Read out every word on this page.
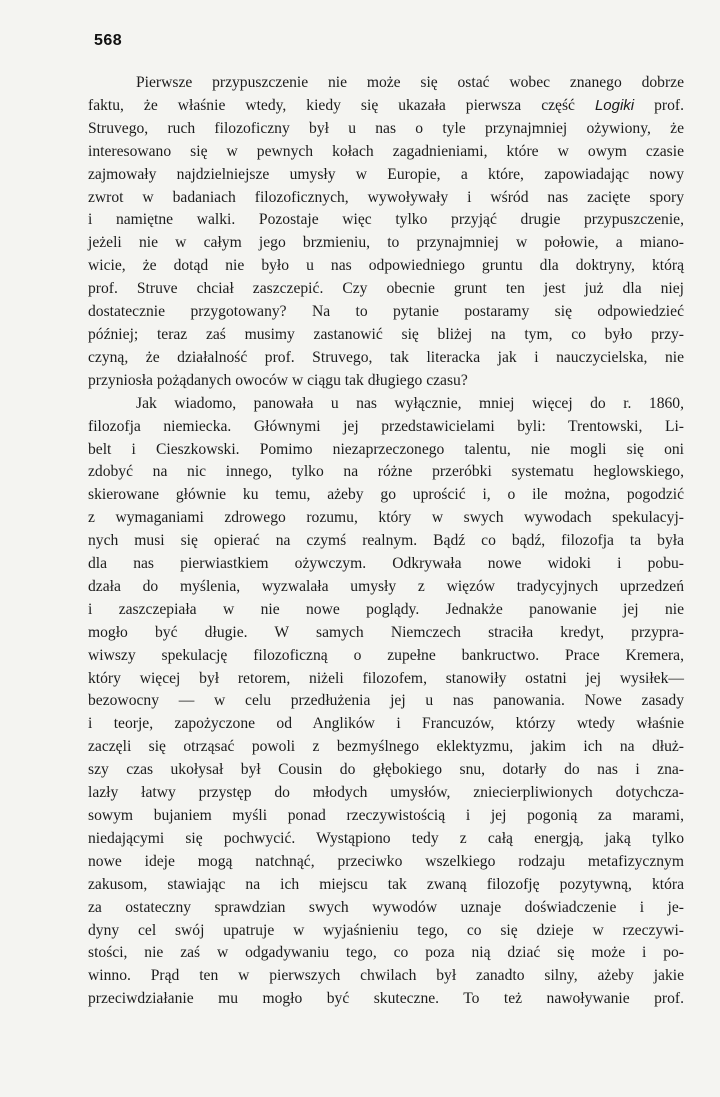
568

Pierwsze przypuszczenie nie może się ostać wobec znanego dobrze
faktu, że właśnie wtedy, kiedy się ukazała pierwsza część Logiki prof.
Struvego, ruch filozoficzny był u nas o tyle przynajmniej ożywiony, że
interesowano się w pewnych kołach zagadnieniami, które w owym czasie
zajmowały najdzielniejsze umysły w Europie, a które, zapowiadając nowy
zwrot w badaniach filozoficznych, wywoływały i wśród nas zacięte spory
i namiętne walki. Pozostaje więc tylko przyjąć drugie przypuszczenie,
jeżeli nie w całym jego brzmieniu, to przynajmniej w połowie, a miano-
wicie, że dotąd nie było u nas odpowiedniego gruntu dla doktryny, którą
prof. Struve chciał zaszczepić. Czy obecnie grunt ten jest już dla niej
dostatecznie przygotowany? Na to pytanie postaramy się odpowiedzieć
później; teraz zaś musimy zastanowić się bliżej na tym, co było przy-
czyną, że działalność prof. Struvego, tak literacka jak i nauczycielska, nie
przyniosła pożądanych owoców w ciągu tak długiego czasu?

Jak wiadomo, panowała u nas wyłącznie, mniej więcej do r. 1860,
filozofja niemiecka. Głównymi jej przedstawicielami byli: Trentowski, Li-
belt i Cieszkowski. Pomimo niezaprzeczonego talentu, nie mogli się oni
zdobyć na nic innego, tylko na różne przeróbki systematu heglowskiego,
skierowane głównie ku temu, ażeby go uprościć i, o ile można, pogodzić
z wymaganiami zdrowego rozumu, który w swych wywodach spekulacyj-
nych musi się opierać na czymś realnym. Bądź co bądź, filozofja ta była
dla nas pierwiastkiem ożywczym. Odkrywała nowe widoki i pobu-
dzała do myślenia, wyzwalała umysły z więzów tradycyjnych uprzedzeń
i zaszczepiała w nie nowe poglądy. Jednakże panowanie jej nie
mogło być długie. W samych Niemczech straciła kredyt, przypra-
wiwszy spekulację filozoficzną o zupełne bankructwo. Prace Kremera,
który więcej był retorem, niżeli filozofem, stanowiły ostatni jej wysiłek—
bezowocny — w celu przedłużenia jej u nas panowania. Nowe zasady
i teorje, zapożyczone od Anglików i Francuzów, którzy wtedy właśnie
zaczęli się otrząsać powoli z bezmyślnego eklektyzmu, jakim ich na dłuż-
szy czas ukołysał był Cousin do głębokiego snu, dotarły do nas i zna-
lazły łatwy przystęp do młodych umysłów, zniecierpliwionych dotychcza-
sowym bujaniem myśli ponad rzeczywistością i jej pogonią za marami,
niedającymi się pochwycić. Wystąpiono tedy z całą energją, jaką tylko
nowe ideje mogą natchnąć, przeciwko wszelkiego rodzaju metafizycznym
zakusom, stawiając na ich miejscu tak zwaną filozofję pozytywną, która
za ostateczny sprawdzian swych wywodów uznaje doświadczenie i je-
dyny cel swój upatruje w wyjaśnieniu tego, co się dzieje w rzeczywi-
stości, nie zaś w odgadywaniu tego, co poza nią dziać się może i po-
winno. Prąd ten w pierwszych chwilach był zanadto silny, ażeby jakie
przeciwdziałanie mu mogło być skuteczne. To też nawoływanie prof.
